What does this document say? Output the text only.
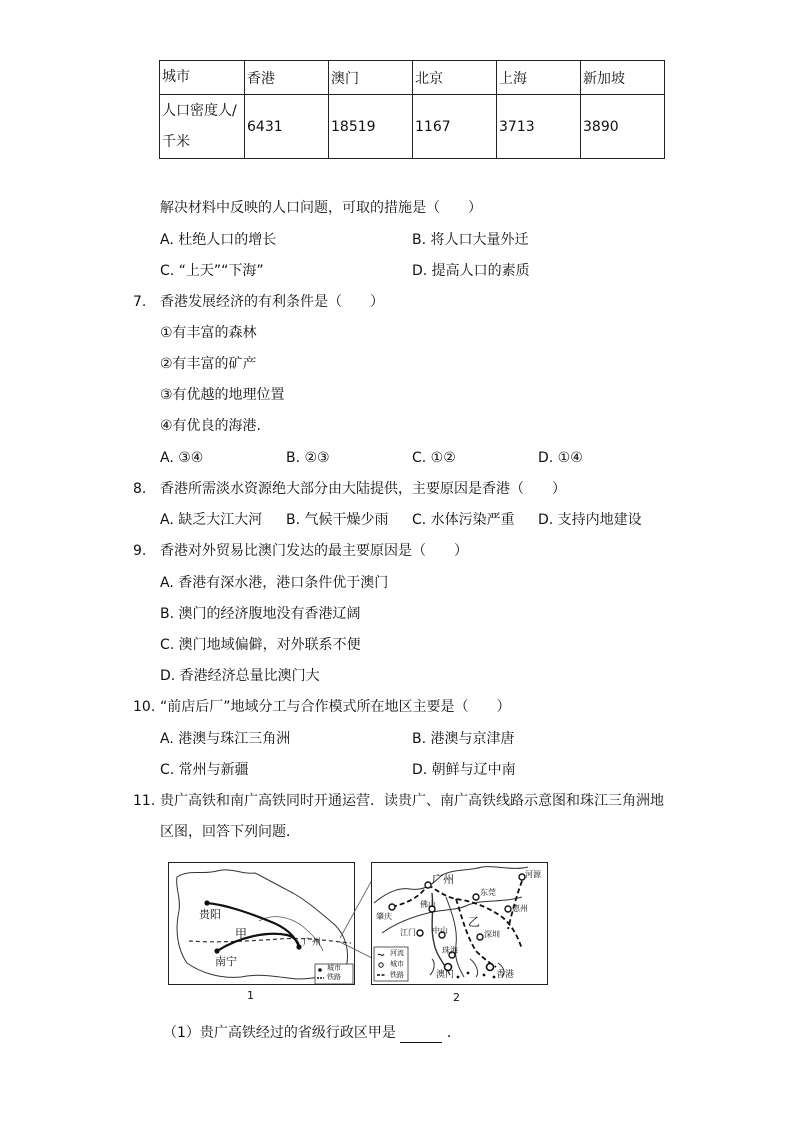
城市	香港	澳门	北京	上海	新加坡

人口密度人/
千米	6431	18519	1167	3713	3890
解决材料中反映的人口问题，可取的措施是（　　）
A. 杜绝人口的增长	B. 将人口大量外迁
C. “上天”“下海”	D. 提高人口的素质
7. 香港发展经济的有利条件是（　　）
①有丰富的森林
②有丰富的矿产
③有优越的地理位置
④有优良的海港.
A. ③④	B. ②③	C. ①②	D. ①④
8. 香港所需淡水资源绝大部分由大陆提供，主要原因是香港（　　）
A. 缺乏大江大河 B. 气候干燥少雨 C. 水体污染严重 D. 支持内地建设
9. 香港对外贸易比澳门发达的最主要原因是（　　）
A. 香港有深水港，港口条件优于澳门
B. 澳门的经济腹地没有香港辽阔
C. 澳门地域偏僻，对外联系不便
D. 香港经济总量比澳门大
10. “前店后厂”地域分工与合作模式所在地区主要是（　　）
A. 港澳与珠江三角洲	B. 港澳与京津唐
C. 常州与新疆	D. 朝鲜与辽中南
11. 贵广高铁和南广高铁同时开通运营．读贵广、南广高铁线路示意图和珠江三角洲地
区图，回答下列问题．
贵阳
甲
南宁
广州
城市
铁路
1
广州	河源
东莞
惠州
肇庆
佛山
江门 中山	深圳
珠海
澳门	香港
乙
河流
城市
铁路
2
（1）贵广高铁经过的省级行政区甲是	．
